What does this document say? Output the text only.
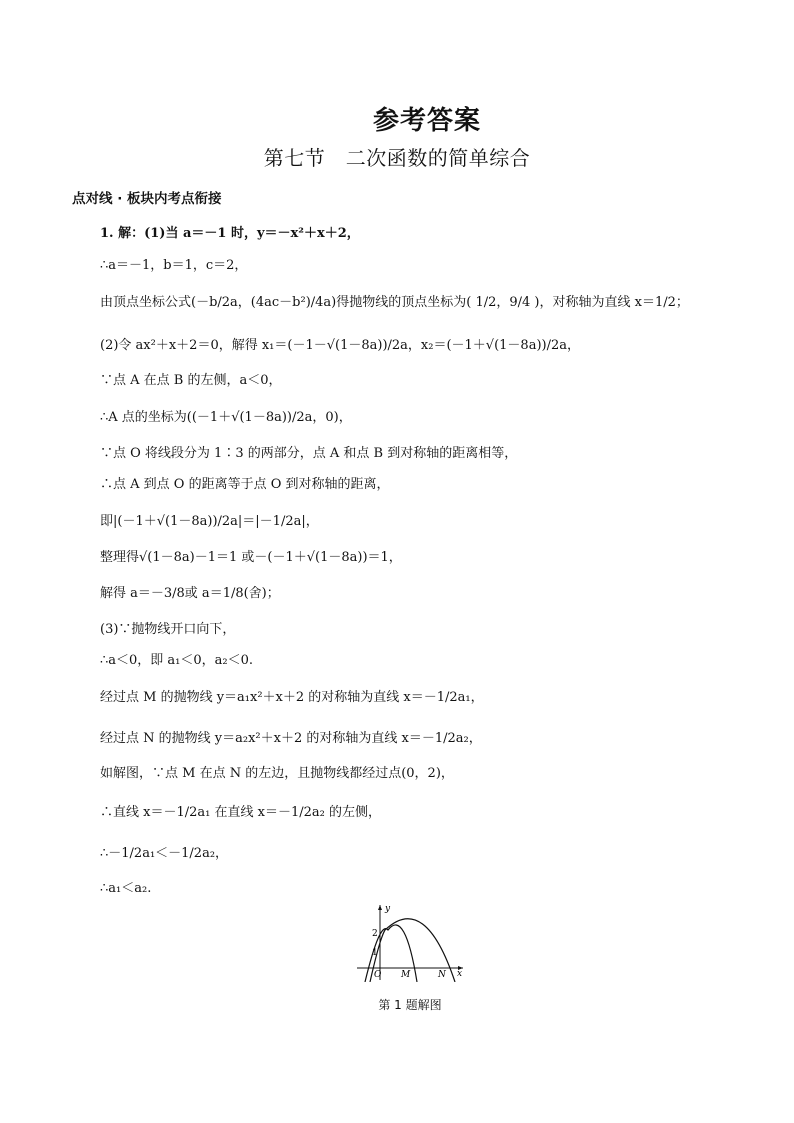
参考答案
第七节　二次函数的简单综合
点对线 · 板块内考点衔接
1. 解：(1)当 a＝－1 时，y＝－x²＋x＋2，
∴a＝－1，b＝1，c＝2，
由顶点坐标公式(－b/2a，(4ac－b²)/4a)得抛物线的顶点坐标为( 1/2，9/4 )，对称轴为直线 x＝1/2；
(2)令 ax²＋x＋2＝0，解得 x₁＝(－1－√(1－8a))/2a，x₂＝(－1＋√(1－8a))/2a，
∵点 A 在点 B 的左侧，a＜0，
∴A 点的坐标为((－1＋√(1－8a))/2a，0)，
∵点 O 将线段分为 1∶3 的两部分，点 A 和点 B 到对称轴的距离相等，
∴点 A 到点 O 的距离等于点 O 到对称轴的距离，
即|(－1＋√(1－8a))/2a|＝|－1/2a|，
整理得√(1－8a)－1＝1 或－(－1＋√(1－8a))＝1，
解得 a＝－3/8或 a＝1/8(舍)；
(3)∵抛物线开口向下，
∴a＜0，即 a₁＜0，a₂＜0.
经过点 M 的抛物线 y＝a₁x²＋x＋2 的对称轴为直线 x＝－1/2a₁，
经过点 N 的抛物线 y＝a₂x²＋x＋2 的对称轴为直线 x＝－1/2a₂，
如解图，∵点 M 在点 N 的左边，且抛物线都经过点(0，2)，
∴直线 x＝－1/2a₁ 在直线 x＝－1/2a₂ 的左侧，
∴－1/2a₁＜－1/2a₂，
∴a₁＜a₂.
y
x
2
1
O M	N
第 1 题解图
